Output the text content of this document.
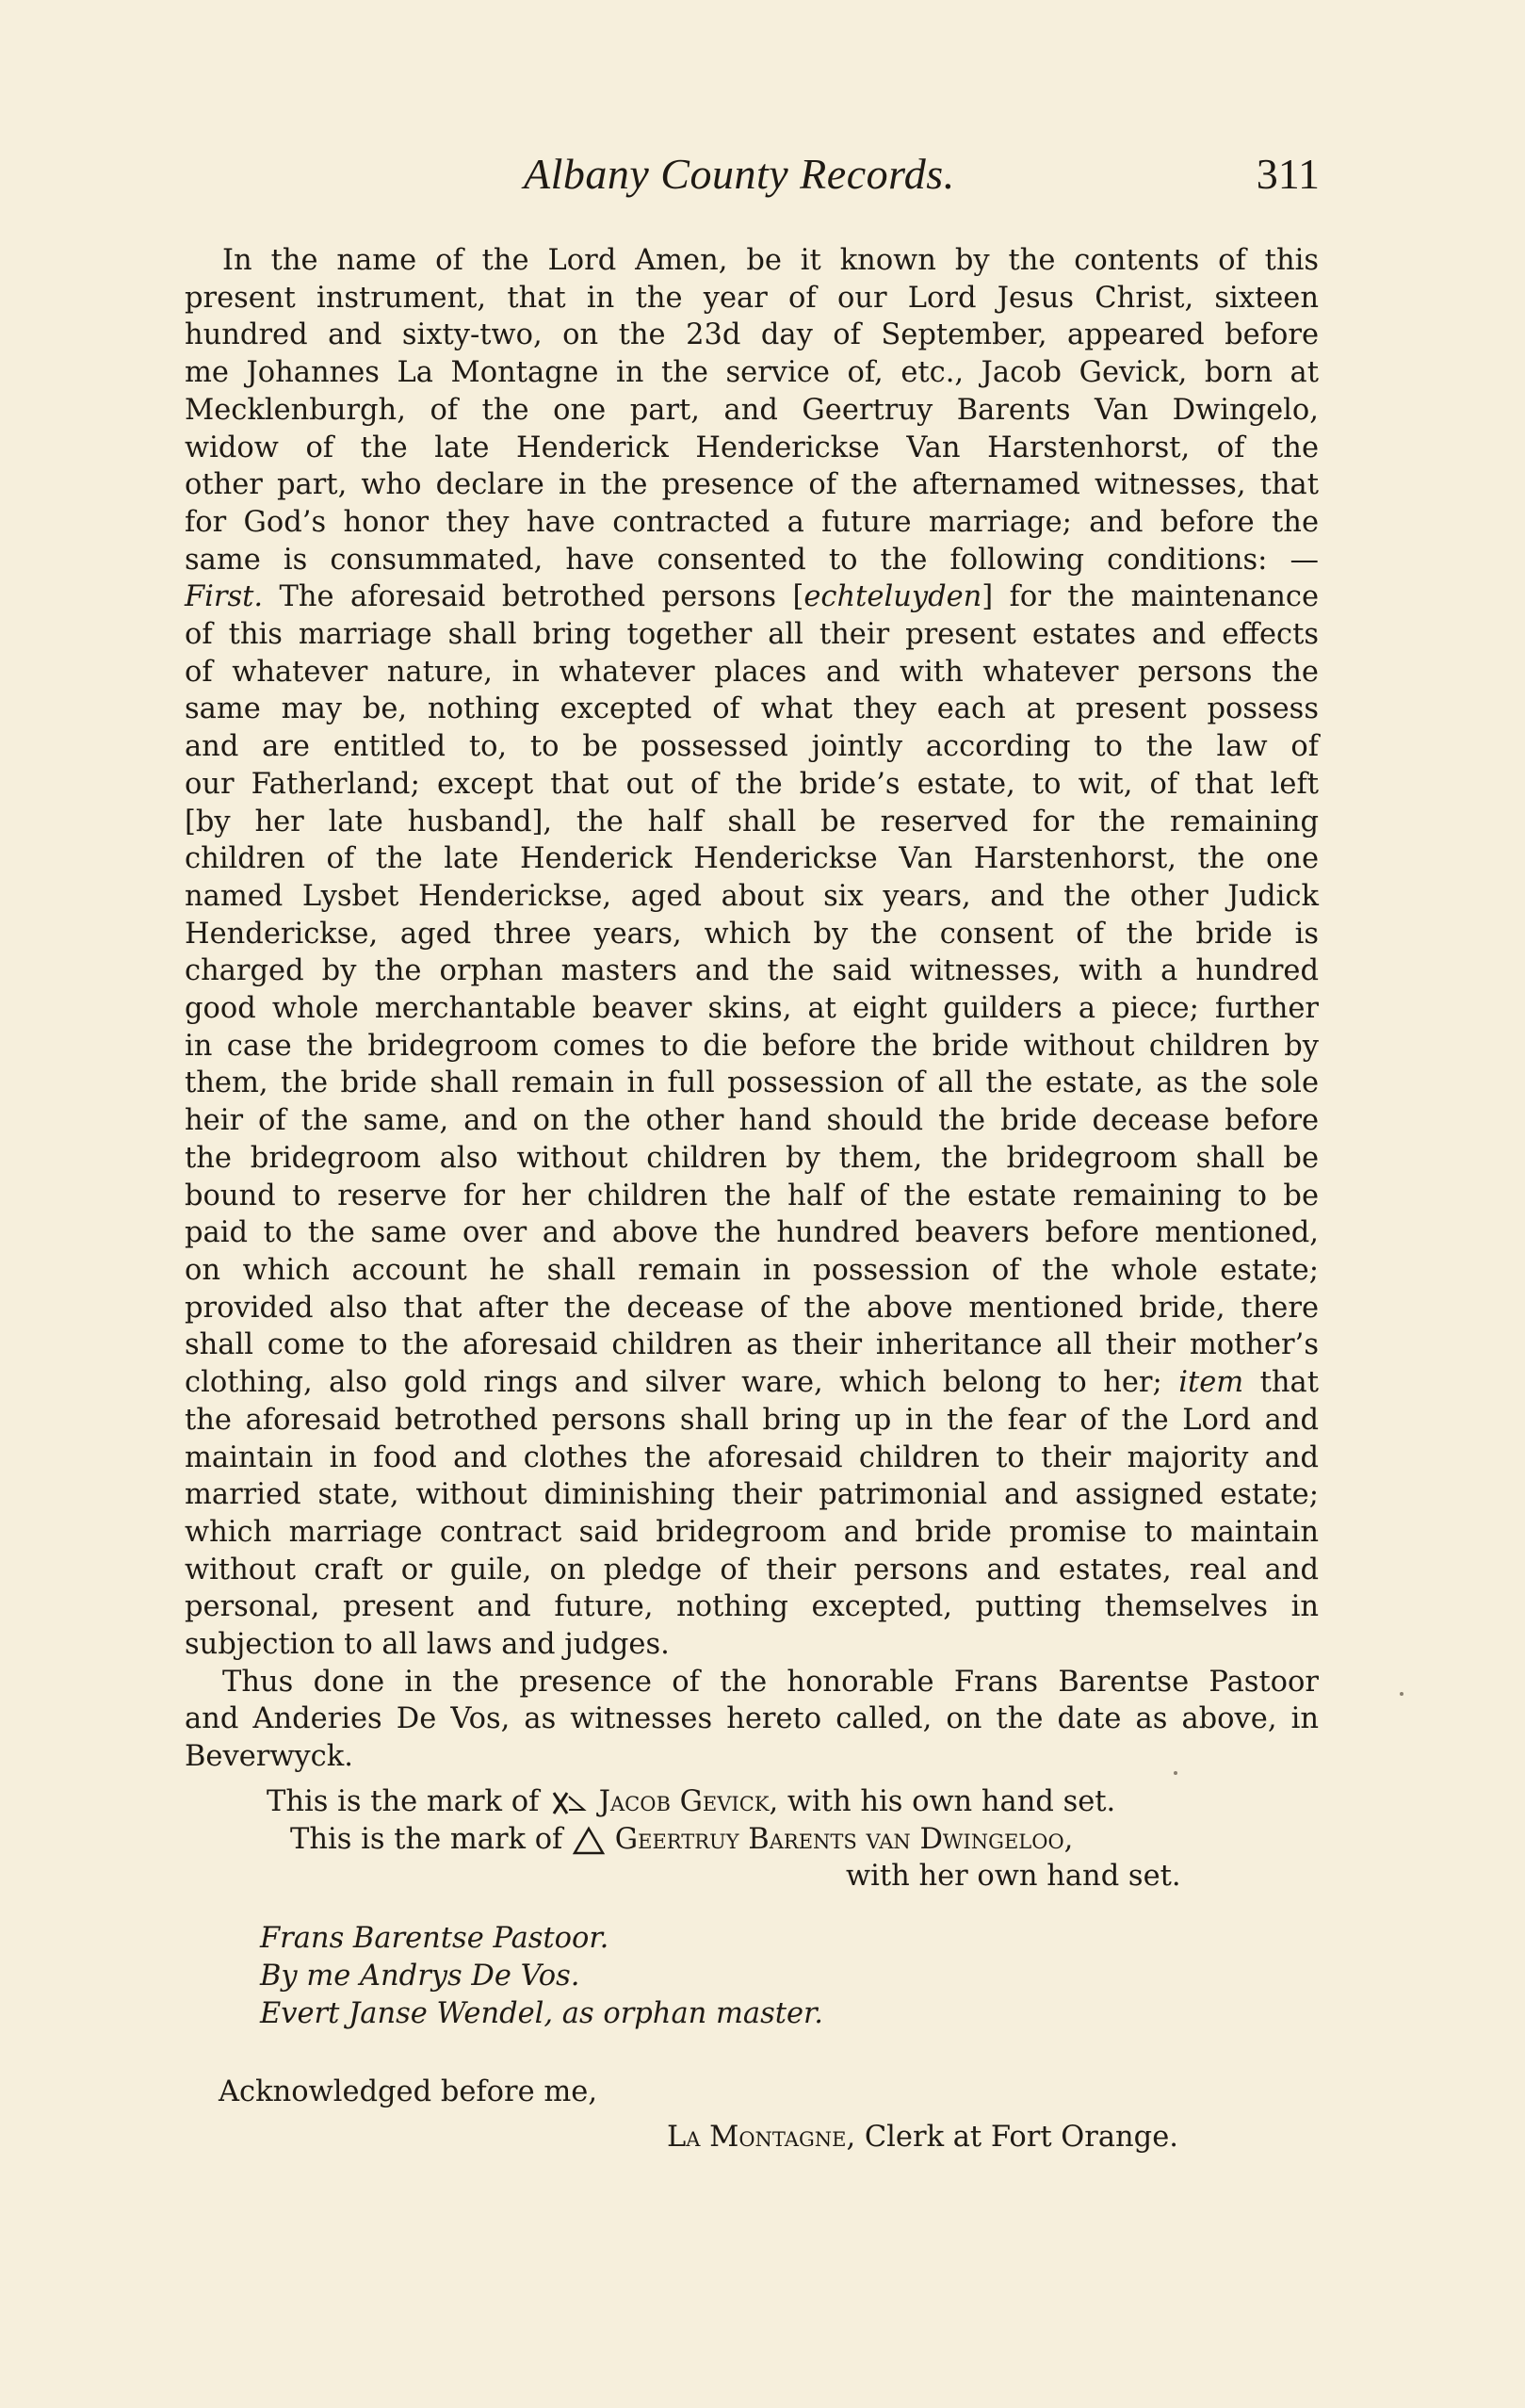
Albany County Records.	311
In the name of the Lord Amen, be it known by the contents of this
present instrument, that in the year of our Lord Jesus Christ, sixteen
hundred and sixty-two, on the 23d day of September, appeared before
me Johannes La Montagne in the service of, etc., Jacob Gevick, born at
Mecklenburgh, of the one part, and Geertruy Barents Van Dwingelo,
widow of the late Henderick Henderickse Van Harstenhorst, of the
other part, who declare in the presence of the afternamed witnesses, that
for God’s honor they have contracted a future marriage; and before the
same is consummated, have consented to the following conditions: —
First. The aforesaid betrothed persons [echteluyden] for the maintenance
of this marriage shall bring together all their present estates and effects
of whatever nature, in whatever places and with whatever persons the
same may be, nothing excepted of what they each at present possess
and are entitled to, to be possessed jointly according to the law of
our Fatherland; except that out of the bride’s estate, to wit, of that left
[by her late husband], the half shall be reserved for the remaining
children of the late Henderick Henderickse Van Harstenhorst, the one
named Lysbet Henderickse, aged about six years, and the other Judick
Henderickse, aged three years, which by the consent of the bride is
charged by the orphan masters and the said witnesses, with a hundred
good whole merchantable beaver skins, at eight guilders a piece; further
in case the bridegroom comes to die before the bride without children by
them, the bride shall remain in full possession of all the estate, as the sole
heir of the same, and on the other hand should the bride decease before
the bridegroom also without children by them, the bridegroom shall be
bound to reserve for her children the half of the estate remaining to be
paid to the same over and above the hundred beavers before mentioned,
on which account he shall remain in possession of the whole estate;
provided also that after the decease of the above mentioned bride, there
shall come to the aforesaid children as their inheritance all their mother’s
clothing, also gold rings and silver ware, which belong to her; item that
the aforesaid betrothed persons shall bring up in the fear of the Lord and
maintain in food and clothes the aforesaid children to their majority and
married state, without diminishing their patrimonial and assigned estate;
which marriage contract said bridegroom and bride promise to maintain
without craft or guile, on pledge of their persons and estates, real and
personal, present and future, nothing excepted, putting themselves in
subjection to all laws and judges.
Thus done in the presence of the honorable Frans Barentse Pastoor
and Anderies De Vos, as witnesses hereto called, on the date as above, in
Beverwyck.
This is the mark of Jacob Gevick, with his own hand set.
This is the mark of Geertruy Barents van Dwingeloo,
with her own hand set.
Frans Barentse Pastoor.
By me Andrys De Vos.
Evert Janse Wendel, as orphan master.
Acknowledged before me,
La Montagne, Clerk at Fort Orange.
